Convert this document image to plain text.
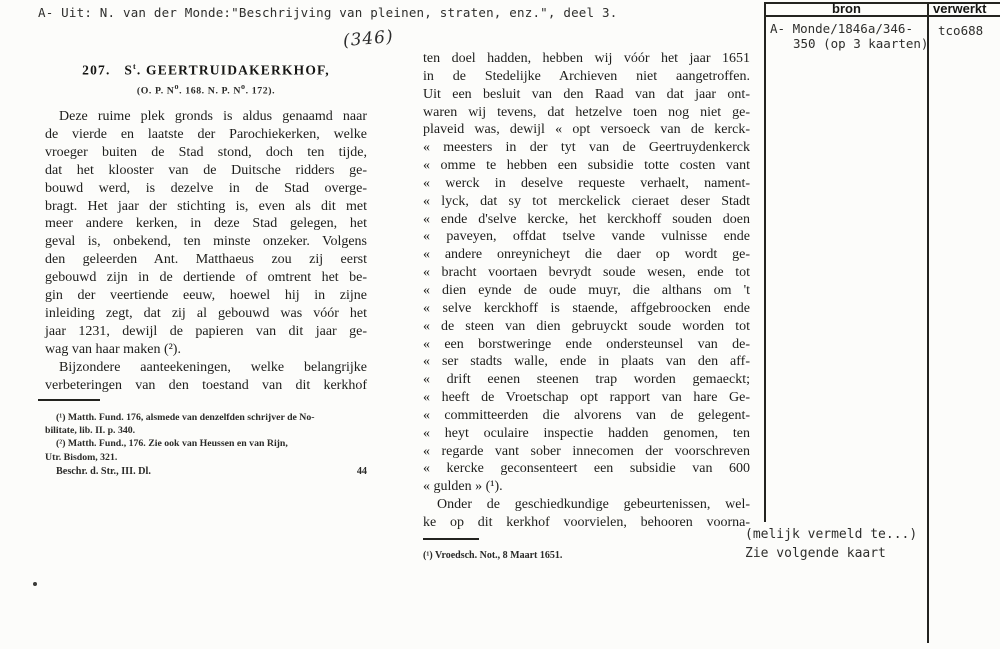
A- Uit: N. van der Monde:"Beschrijving van pleinen, straten, enz.", deel 3.
(346)
bron	verwerkt
A- Monde/1846a/346-
350 (op 3 kaarten)
tco688
(melijk vermeld te...)
Zie volgende kaart
207. $S^t$. GEERTRUIDAKERKHOF,
(O. P. $N^o$. 168. N. P. $N^o$. 172).
Deze ruime plek gronds is aldus genaamd naar
de vierde en laatste der Parochiekerken, welke
vroeger buiten de Stad stond, doch ten tijde,
dat het klooster van de Duitsche ridders ge-
bouwd werd, is dezelve in de Stad overge-
bragt. Het jaar der stichting is, even als dit met
meer andere kerken, in deze Stad gelegen, het
geval is, onbekend, ten minste onzeker. Volgens
den geleerden Ant. Matthaeus zou zij eerst
gebouwd zijn in de dertiende of omtrent het be-
gin der veertiende eeuw, hoewel hij in zijne
inleiding zegt, dat zij al gebouwd was vóór het
jaar 1231, dewijl de papieren van dit jaar ge-
wag van haar maken (²).
Bijzondere aanteekeningen, welke belangrijke
verbeteringen van den toestand van dit kerkhof
(¹) Matth. Fund. 176, alsmede van denzelfden schrijver de No-
bilitate, lib. II. p. 340.
(²) Matth. Fund., 176. Zie ook van Heussen en van Rijn,
Utr. Bisdom, 321.
Beschr. d. Str., III. Dl.	44
ten doel hadden, hebben wij vóór het jaar 1651
in de Stedelijke Archieven niet aangetroffen.
Uit een besluit van den Raad van dat jaar ont-
waren wij tevens, dat hetzelve toen nog niet ge-
plaveid was, dewijl « opt versoeck van de kerck-
« meesters in der tyt van de Geertruydenkerck
« omme te hebben een subsidie totte costen vant
« werck in deselve requeste verhaelt, nament-
« lyck, dat sy tot merckelick cieraet deser Stadt
« ende d'selve kercke, het kerckhoff souden doen
« paveyen, offdat tselve vande vulnisse ende
« andere onreynicheyt die daer op wordt ge-
« bracht voortaen bevrydt soude wesen, ende tot
« dien eynde de oude muyr, die althans om 't
« selve kerckhoff is staende, affgebroocken ende
« de steen van dien gebruyckt soude worden tot
« een borstweringe ende ondersteunsel van de-
« ser stadts walle, ende in plaats van den aff-
« drift eenen steenen trap worden gemaeckt;
« heeft de Vroetschap opt rapport van hare Ge-
« committeerden die alvorens van de gelegent-
« heyt oculaire inspectie hadden genomen, ten
« regarde vant sober innecomen der voorschreven
« kercke geconsenteert een subsidie van 600
« gulden » (¹).
Onder de geschiedkundige gebeurtenissen, wel-
ke op dit kerkhof voorvielen, behooren voorna-
(¹) Vroedsch. Not., 8 Maart 1651.
